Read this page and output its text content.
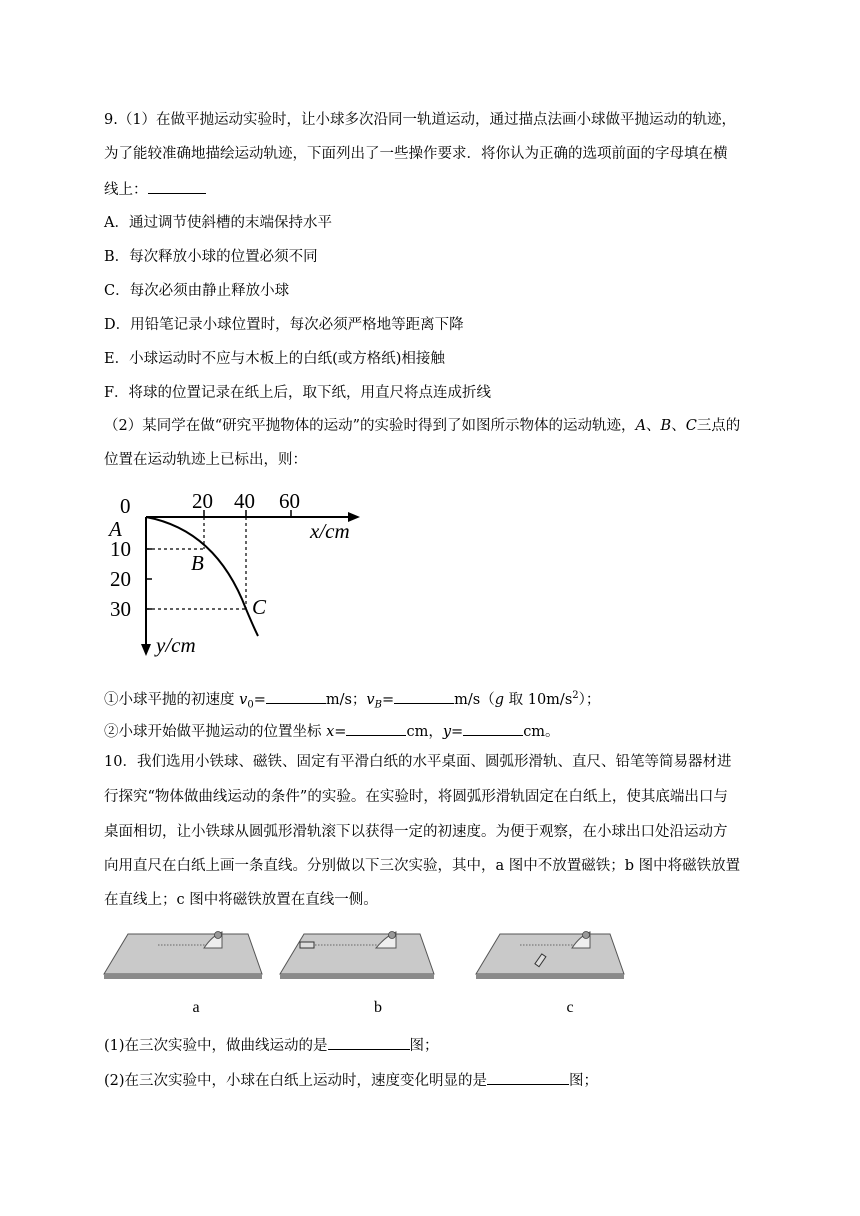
9.（1）在做平抛运动实验时，让小球多次沿同一轨道运动，通过描点法画小球做平抛运动的轨迹，
为了能较准确地描绘运动轨迹，下面列出了一些操作要求．将你认为正确的选项前面的字母填在横
线上：
A．通过调节使斜槽的末端保持水平
B．每次释放小球的位置必须不同
C．每次必须由静止释放小球
D．用铅笔记录小球位置时，每次必须严格地等距离下降
E．小球运动时不应与木板上的白纸(或方格纸)相接触
F．将球的位置记录在纸上后，取下纸，用直尺将点连成折线
（2）某同学在做“研究平抛物体的运动”的实验时得到了如图所示物体的运动轨迹，A、B、C三点的
位置在运动轨迹上已标出，则：
0	20 40 60
x/cm
A
10
B
20
30	C
y/cm
①小球平抛的初速度 $v_0=$	m/s；$v_B=$	m/s（g 取 $10m/s^2$）；
②小球开始做平抛运动的位置坐标 x=	cm，y=	cm。
10．我们选用小铁球、磁铁、固定有平滑白纸的水平桌面、圆弧形滑轨、直尺、铅笔等简易器材进
行探究“物体做曲线运动的条件”的实验。在实验时，将圆弧形滑轨固定在白纸上，使其底端出口与
桌面相切，让小铁球从圆弧形滑轨滚下以获得一定的初速度。为便于观察，在小球出口处沿运动方
向用直尺在白纸上画一条直线。分别做以下三次实验，其中，a 图中不放置磁铁；b 图中将磁铁放置
在直线上；c 图中将磁铁放置在直线一侧。
a	b	c
(1)在三次实验中，做曲线运动的是	图；
(2)在三次实验中，小球在白纸上运动时，速度变化明显的是	图；
